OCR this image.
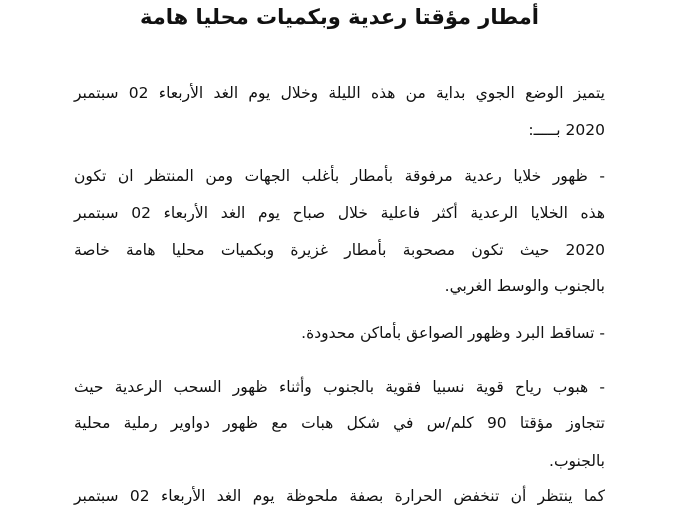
أمطار مؤقتا رعدية وبكميات محليا هامة
يتميز الوضع الجوي بداية من هذه الليلة وخلال يوم الغد الأربعاء 02 سبتمبر
2020 بـــــ:
- ظهور خلايا رعدية مرفوقة بأمطار بأغلب الجهات ومن المنتظر ان تكون
هذه الخلايا الرعدية أكثر فاعلية خلال صباح يوم الغد الأربعاء 02 سبتمبر
2020 حيث تكون مصحوبة بأمطار غزيرة وبكميات محليا هامة خاصة
بالجنوب والوسط الغربي.
- تساقط البرد وظهور الصواعق بأماكن محدودة.
- هبوب رياح قوية نسبيا فقوية بالجنوب وأثناء ظهور السحب الرعدية حيث
تتجاوز مؤقتا 90 كلم/س في شكل هبات مع ظهور دواوير رملية محلية
بالجنوب.
كما ينتظر أن تنخفض الحرارة بصفة ملحوظة يوم الغد الأربعاء 02 سبتمبر
